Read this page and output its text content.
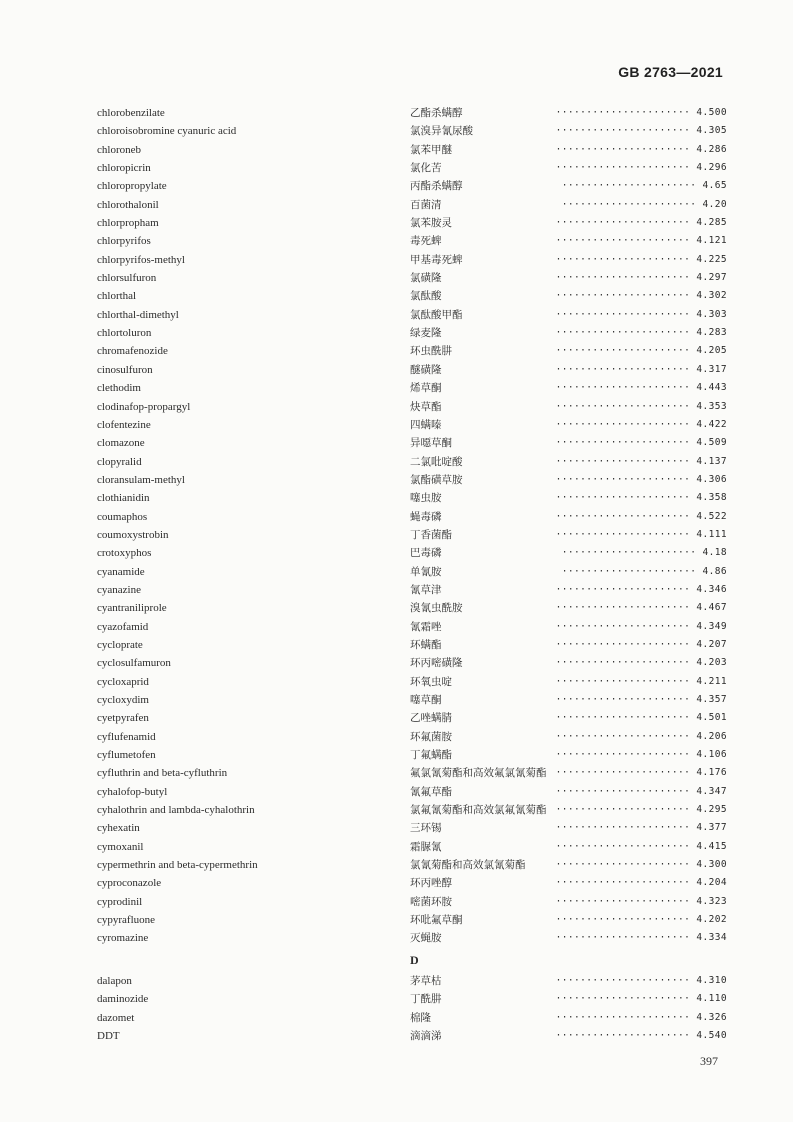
GB 2763—2021
chlorobenzilate	乙酯杀螨醇	······················ 4.500
chloroisobromine cyanuric acid	氯溴异氰尿酸	······················ 4.305
chloroneb	氯苯甲醚	······················ 4.286
chloropicrin	氯化苦	······················ 4.296
chloropropylate	丙酯杀螨醇	······················ 4.65
chlorothalonil	百菌清	······················ 4.20
chlorpropham	氯苯胺灵	······················ 4.285
chlorpyrifos	毒死蜱	······················ 4.121
chlorpyrifos-methyl	甲基毒死蜱	······················ 4.225
chlorsulfuron	氯磺隆	······················ 4.297
chlorthal	氯酞酸	······················ 4.302
chlorthal-dimethyl	氯酞酸甲酯	······················ 4.303
chlortoluron	绿麦隆	······················ 4.283
chromafenozide	环虫酰肼	······················ 4.205
cinosulfuron	醚磺隆	······················ 4.317
clethodim	烯草酮	······················ 4.443
clodinafop-propargyl	炔草酯	······················ 4.353
clofentezine	四螨嗪	······················ 4.422
clomazone	异噁草酮	······················ 4.509
clopyralid	二氯吡啶酸	······················ 4.137
cloransulam-methyl	氯酯磺草胺	······················ 4.306
clothianidin	噻虫胺	······················ 4.358
coumaphos	蝇毒磷	······················ 4.522
coumoxystrobin	丁香菌酯	······················ 4.111
crotoxyphos	巴毒磷	······················ 4.18
cyanamide	单氰胺	······················ 4.86
cyanazine	氰草津	······················ 4.346
cyantraniliprole	溴氰虫酰胺	······················ 4.467
cyazofamid	氰霜唑	······················ 4.349
cycloprate	环螨酯	······················ 4.207
cyclosulfamuron	环丙嘧磺隆	······················ 4.203
cycloxaprid	环氧虫啶	······················ 4.211
cycloxydim	噻草酮	······················ 4.357
cyetpyrafen	乙唑螨腈	······················ 4.501
cyflufenamid	环氟菌胺	······················ 4.206
cyflumetofen	丁氟螨酯	······················ 4.106
cyfluthrin and beta-cyfluthrin	氟氯氰菊酯和高效氟氯氰菊酯 ······················ 4.176
cyhalofop-butyl	氰氟草酯	······················ 4.347
cyhalothrin and lambda-cyhalothrin	氯氟氰菊酯和高效氯氟氰菊酯 ······················ 4.295
cyhexatin	三环锡	······················ 4.377
cymoxanil	霜脲氰	······················ 4.415
cypermethrin and beta-cypermethrin	氯氰菊酯和高效氯氰菊酯	······················ 4.300
cyproconazole	环丙唑醇	······················ 4.204
cyprodinil	嘧菌环胺	······················ 4.323
cypyrafluone	环吡氟草酮	······················ 4.202
cyromazine	灭蝇胺	······················ 4.334
D
dalapon	茅草枯	······················ 4.310
daminozide	丁酰肼	······················ 4.110
dazomet	棉隆	······················ 4.326
DDT	滴滴涕	······················ 4.540
397
